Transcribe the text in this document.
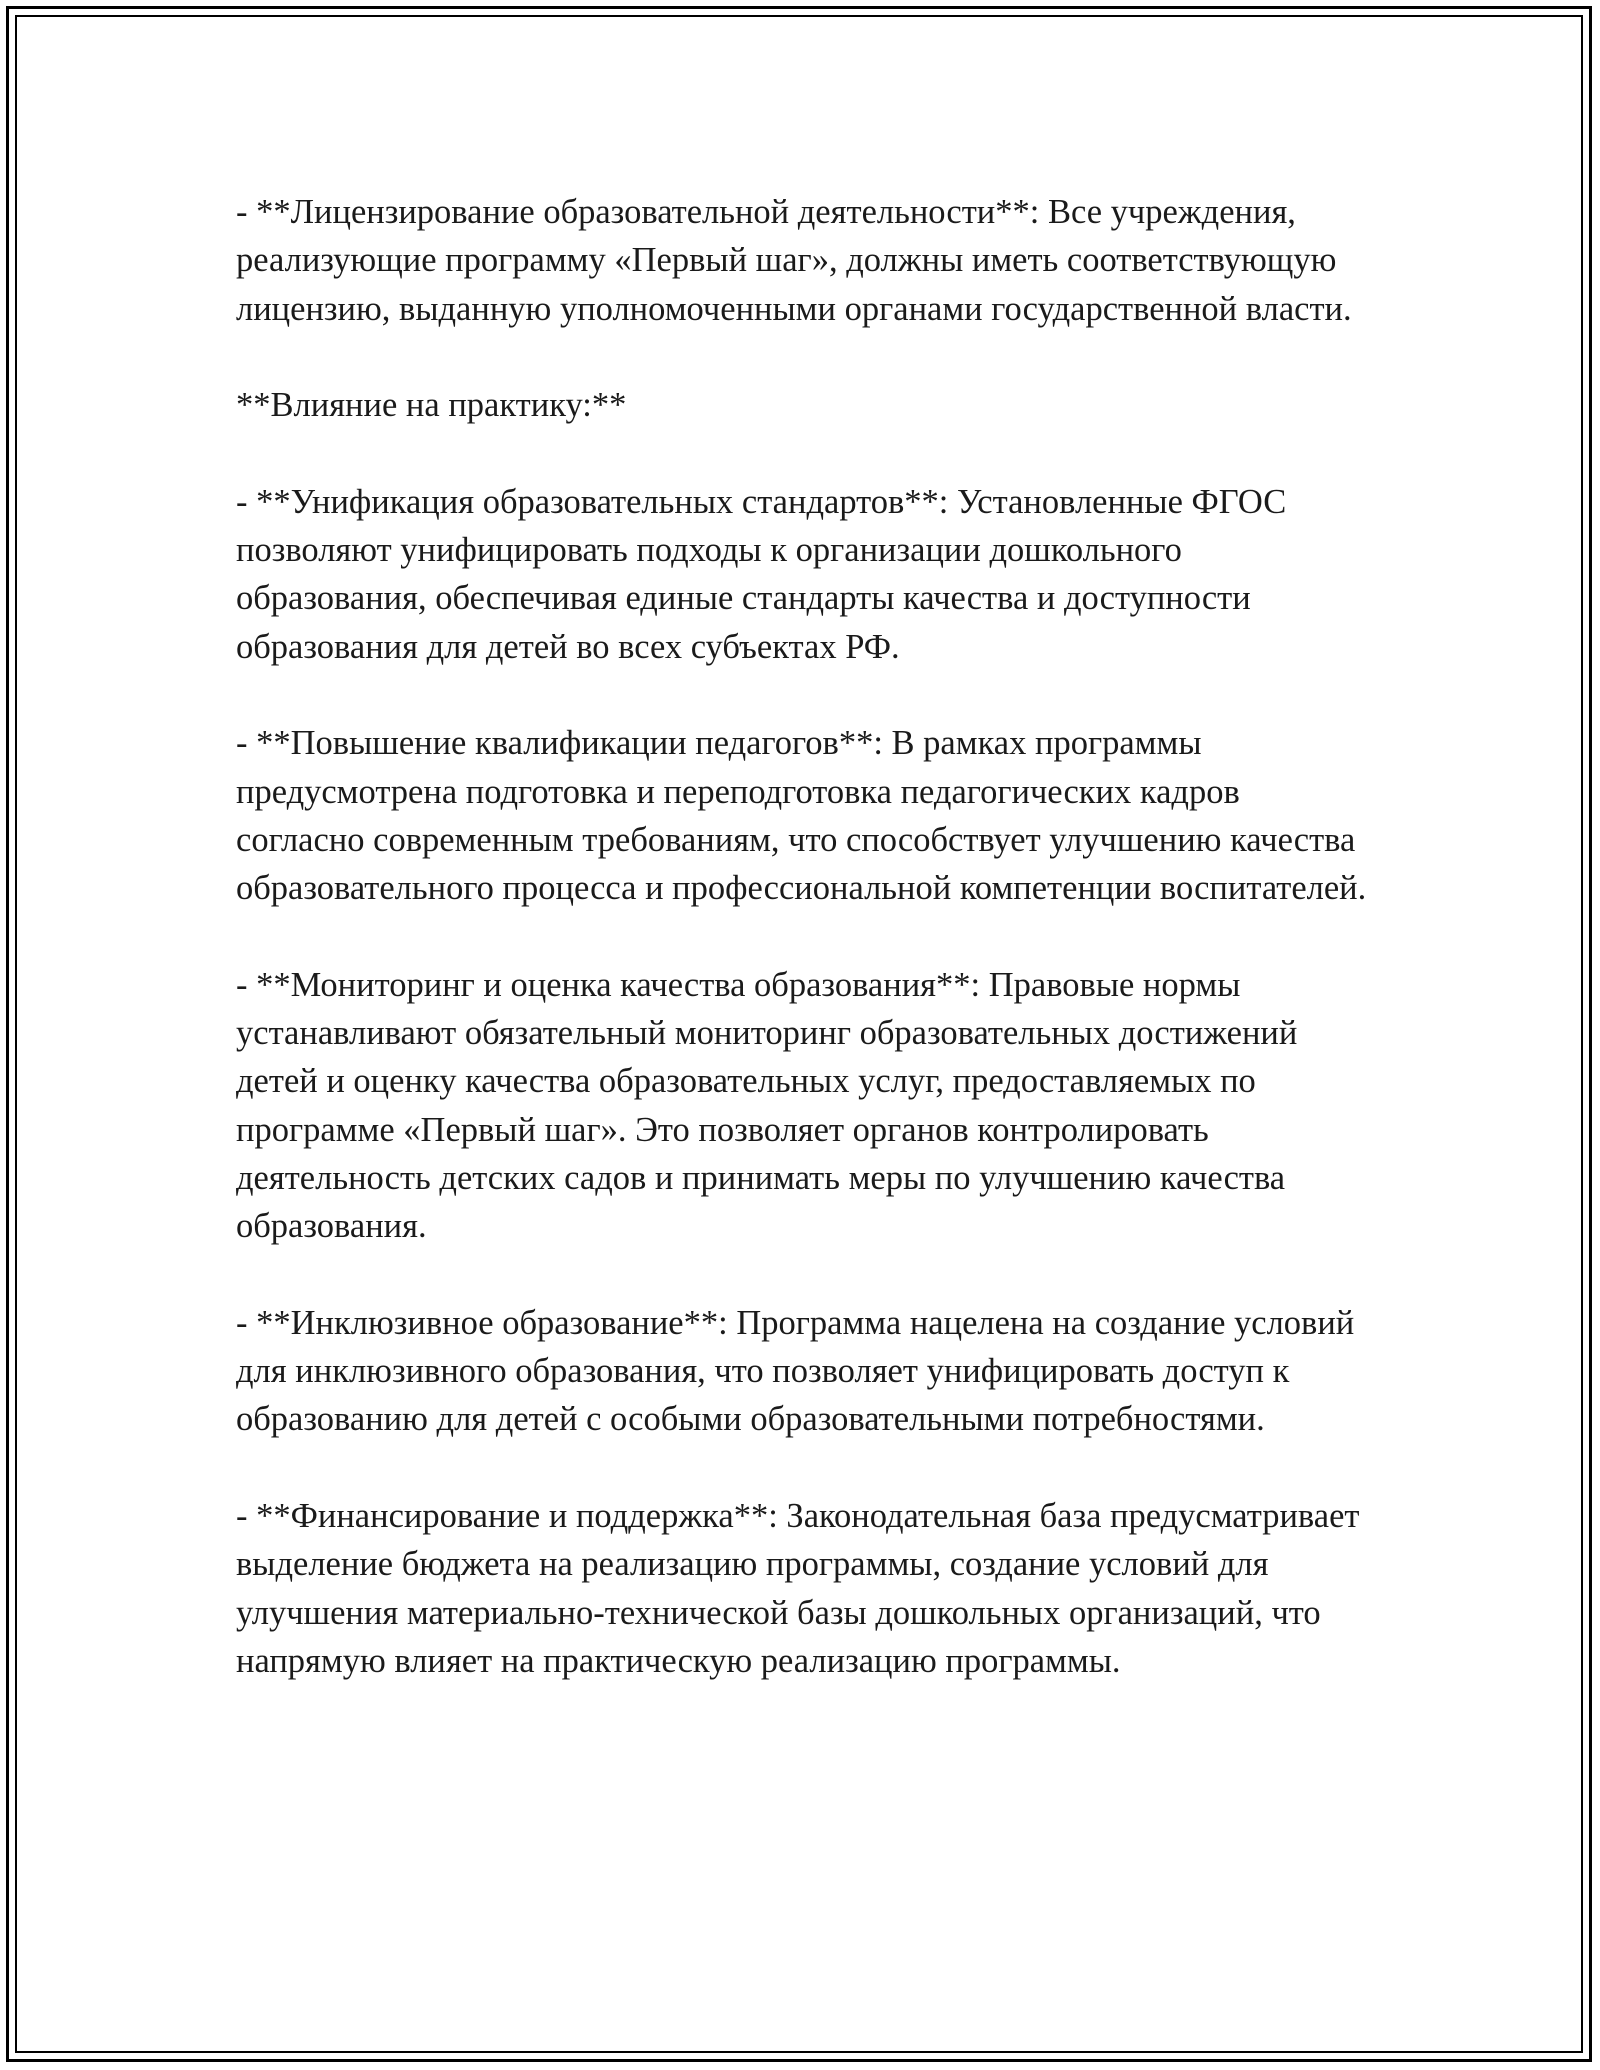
- **Лицензирование образовательной деятельности**: Все учреждения, реализующие программу «Первый шаг», должны иметь соответствующую лицензию, выданную уполномоченными органами государственной власти.

**Влияние на практику:**

- **Унификация образовательных стандартов**: Установленные ФГОС позволяют унифицировать подходы к организации дошкольного образования, обеспечивая единые стандарты качества и доступности образования для детей во всех субъектах РФ.

- **Повышение квалификации педагогов**: В рамках программы предусмотрена подготовка и переподготовка педагогических кадров согласно современным требованиям, что способствует улучшению качества образовательного процесса и профессиональной компетенции воспитателей.

- **Мониторинг и оценка качества образования**: Правовые нормы устанавливают обязательный мониторинг образовательных достижений детей и оценку качества образовательных услуг, предоставляемых по программе «Первый шаг». Это позволяет органов контролировать деятельность детских садов и принимать меры по улучшению качества образования.

- **Инклюзивное образование**: Программа нацелена на создание условий для инклюзивного образования, что позволяет унифицировать доступ к образованию для детей с особыми образовательными потребностями.

- **Финансирование и поддержка**: Законодательная база предусматривает выделение бюджета на реализацию программы, создание условий для улучшения материально-технической базы дошкольных организаций, что напрямую влияет на практическую реализацию программы.
